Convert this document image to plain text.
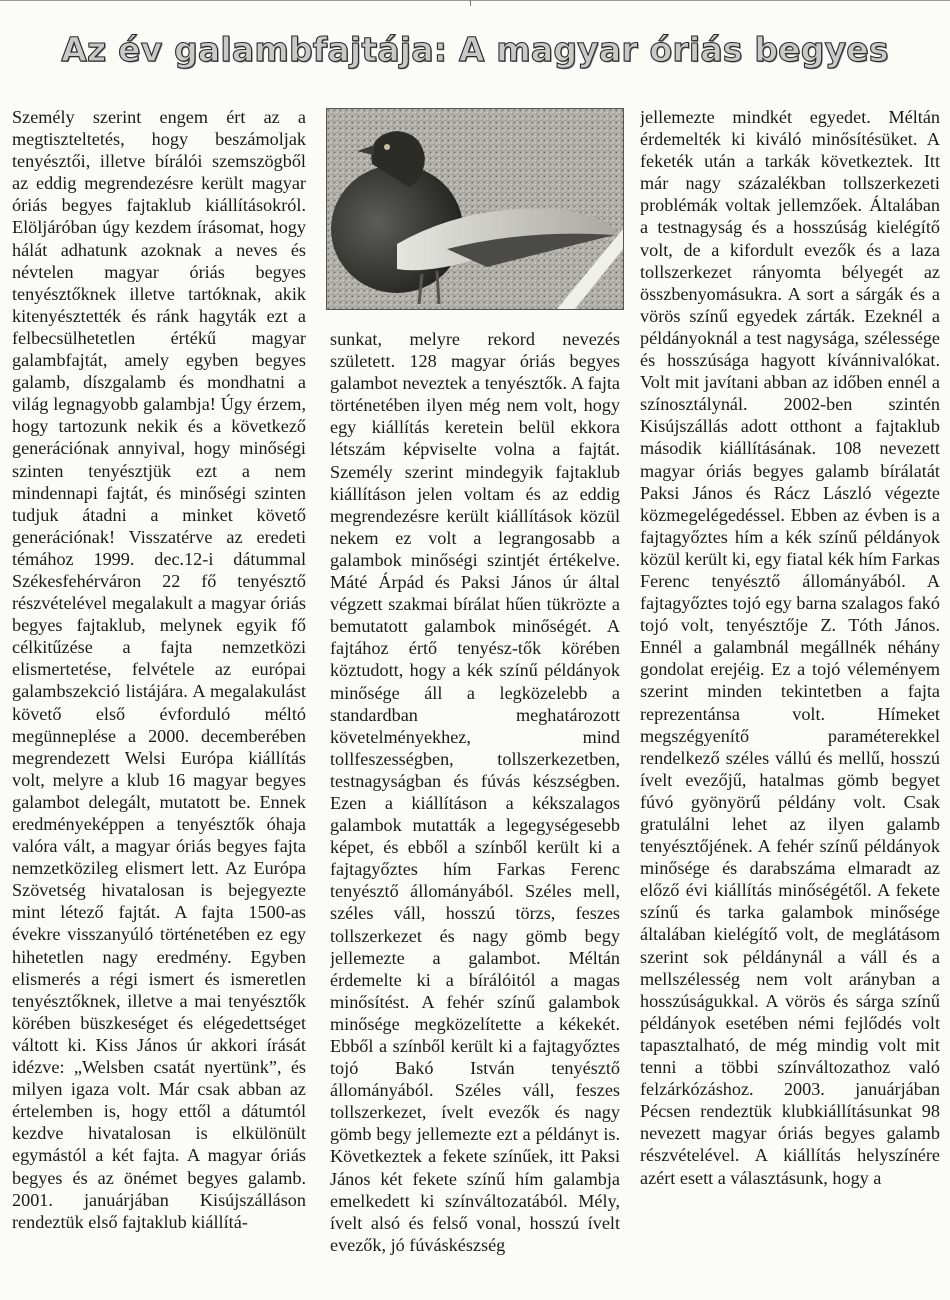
Az év galambfajtája: A magyar óriás begyes

Személy szerint engem ért az a megtiszteltetés, hogy beszámoljak tenyésztői, illetve bírálói szemszögből az eddig megrendezésre került magyar óriás begyes fajtaklub kiállításokról. Elöljáróban úgy kezdem írásomat, hogy hálát adhatunk azoknak a neves és névtelen magyar óriás begyes tenyésztőknek illetve tartóknak, akik kitenyésztették és ránk hagyták ezt a felbecsülhetetlen értékű magyar galambfajtát, amely egyben begyes galamb, díszgalamb és mondhatni a világ legnagyobb galambja! Úgy érzem, hogy tartozunk nekik és a következő generációnak annyival, hogy minőségi szinten tenyésztjük ezt a nem mindennapi fajtát, és minőségi szinten tudjuk átadni a minket követő generációnak! Visszatérve az eredeti témához 1999. dec.12-i dátummal Székesfehérváron 22 fő tenyésztő részvételével megalakult a magyar óriás begyes fajtaklub, melynek egyik fő célkitűzése a fajta nemzetközi elismertetése, felvétele az európai galambszekció listájára. A megalakulást követő első évforduló méltó megünneplése a 2000. decemberében megrendezett Welsi Európa kiállítás volt, melyre a klub 16 magyar begyes galambot delegált, mutatott be. Ennek eredményeképpen a tenyésztők óhaja valóra vált, a magyar óriás begyes fajta nemzetközileg elismert lett. Az Európa Szövetség hivatalosan is bejegyezte mint létező fajtát. A fajta 1500-as évekre visszanyúló történetében ez egy hihetetlen nagy eredmény. Egyben elismerés a régi ismert és ismeretlen tenyésztőknek, illetve a mai tenyésztők körében büszkeséget és elégedettséget váltott ki. Kiss János úr akkori írását idézve: „Welsben csatát nyertünk”, és milyen igaza volt. Már csak abban az értelemben is, hogy ettől a dátumtól kezdve hivatalosan is elkülönült egymástól a két fajta. A magyar óriás begyes és az önémet begyes galamb. 2001. januárjában Kisújszálláson rendeztük első fajtaklub kiállítá-

sunkat, melyre rekord nevezés született. 128 magyar óriás begyes galambot neveztek a tenyésztők. A fajta történetében ilyen még nem volt, hogy egy kiállítás keretein belül ekkora létszám képviselte volna a fajtát. Személy szerint mindegyik fajtaklub kiállításon jelen voltam és az eddig megrendezésre került kiállítások közül nekem ez volt a legrangosabb a galambok minőségi szintjét értékelve. Máté Árpád és Paksi János úr által végzett szakmai bírálat hűen tükrözte a bemutatott galambok minőségét. A fajtához értő tenyész-tők körében köztudott, hogy a kék színű példányok minősége áll a legközelebb a standardban meghatározott követelményekhez, mind tollfeszességben, tollszerkezetben, testnagyságban és fúvás készségben. Ezen a kiállításon a kékszalagos galambok mutatták a legegységesebb képet, és ebből a színből került ki a fajtagyőztes hím Farkas Ferenc tenyésztő állományából. Széles mell, széles váll, hosszú törzs, feszes tollszerkezet és nagy gömb begy jellemezte a galambot. Méltán érdemelte ki a bírálóitól a magas minősítést. A fehér színű galambok minősége megközelítette a kékekét. Ebből a színből került ki a fajtagyőztes tojó Bakó István tenyésztő állományából. Széles váll, feszes tollszerkezet, ívelt evezők és nagy gömb begy jellemezte ezt a példányt is. Következtek a fekete színűek, itt Paksi János két fekete színű hím galambja emelkedett ki színváltozatából. Mély, ívelt alsó és felső vonal, hosszú ívelt evezők, jó fúváskészség

jellemezte mindkét egyedet. Méltán érdemelték ki kiváló minősítésüket. A feketék után a tarkák következtek. Itt már nagy százalékban tollszerkezeti problémák voltak jellemzőek. Általában a testnagyság és a hosszúság kielégítő volt, de a kifordult evezők és a laza tollszerkezet rányomta bélyegét az összbenyomásukra. A sort a sárgák és a vörös színű egyedek zárták. Ezeknél a példányoknál a test nagysága, szélessége és hosszúsága hagyott kívánnivalókat. Volt mit javítani abban az időben ennél a színosztálynál. 2002-ben szintén Kisújszállás adott otthont a fajtaklub második kiállításának. 108 nevezett magyar óriás begyes galamb bírálatát Paksi János és Rácz László végezte közmegelégedéssel. Ebben az évben is a fajtagyőztes hím a kék színű példányok közül került ki, egy fiatal kék hím Farkas Ferenc tenyésztő állományából. A fajtagyőztes tojó egy barna szalagos fakó tojó volt, tenyésztője Z. Tóth János. Ennél a galambnál megállnék néhány gondolat erejéig. Ez a tojó véleményem szerint minden tekintetben a fajta reprezentánsa volt. Hímeket megszégyenítő paraméterekkel rendelkező széles vállú és mellű, hosszú ívelt evezőjű, hatalmas gömb begyet fúvó gyönyörű példány volt. Csak gratulálni lehet az ilyen galamb tenyésztőjének. A fehér színű példányok minősége és darabszáma elmaradt az előző évi kiállítás minőségétől. A fekete színű és tarka galambok minősége általában kielégítő volt, de meglátásom szerint sok példánynál a váll és a mellszélesség nem volt arányban a hosszúságukkal. A vörös és sárga színű példányok esetében némi fejlődés volt tapasztalható, de még mindig volt mit tenni a többi színváltozathoz való felzárkózáshoz. 2003. januárjában Pécsen rendeztük klubkiállításunkat 98 nevezett magyar óriás begyes galamb részvételével. A kiállítás helyszínére azért esett a választásunk, hogy a
